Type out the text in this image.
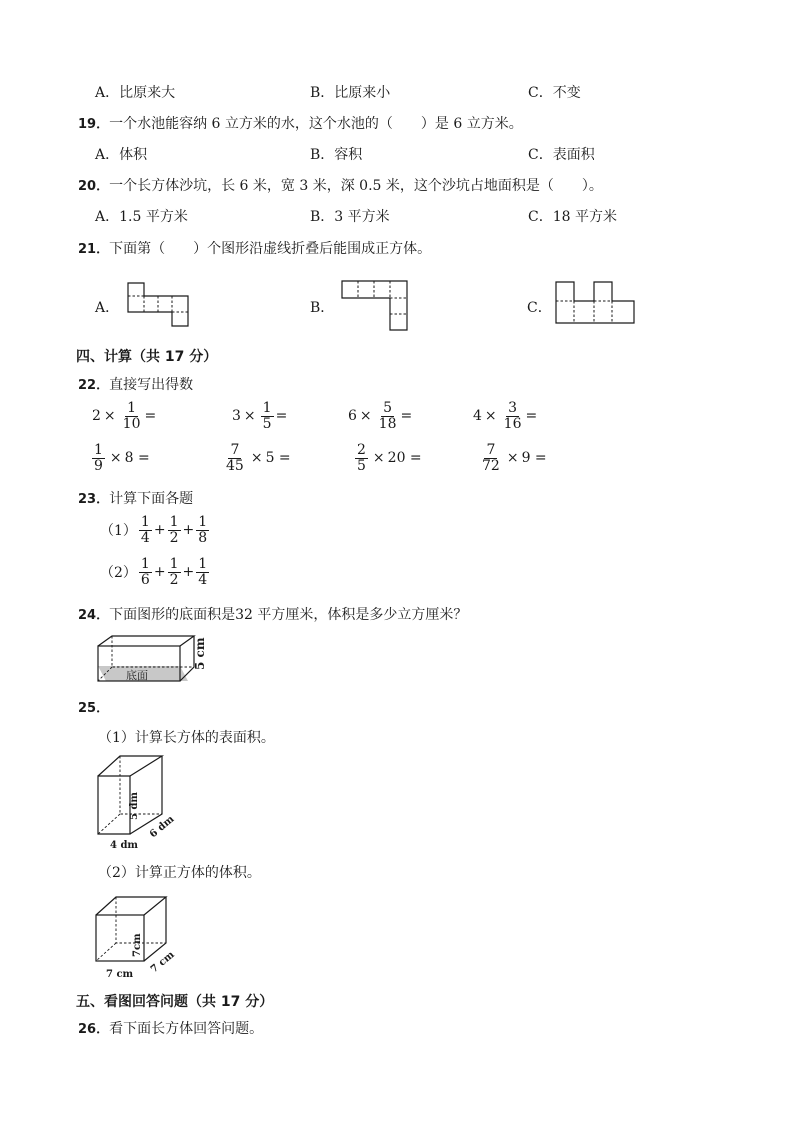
A．比原来大	B．比原来小	C．不变
19．一个水池能容纳 6 立方米的水，这个水池的（　　）是 6 立方米。
A．体积	B．容积	C．表面积
20．一个长方体沙坑，长 6 米，宽 3 米，深 0.5 米，这个沙坑占地面积是（　　）。
A．1.5 平方米	B．3 平方米	C．18 平方米
21．下面第（　　）个图形沿虚线折叠后能围成正方体。
A．	B．	C．
四、计算（共 17 分）
22．直接写出得数
$2 \times \frac{1}{10}$ =	$3 \times \frac{1}{5}$ =	$6 \times \frac{5}{18}$ =	$4 \times \frac{3}{16}$ =
$\frac{1}{9} \times 8$ =	$\frac{7}{45} \times 5$ =	$\frac{2}{5} \times 20$ =	$\frac{7}{72} \times 9$ =
23．计算下面各题
$(1) \frac{1}{4} + \frac{1}{2} + \frac{1}{8}$
$(2) \frac{1}{6} + \frac{1}{2} + \frac{1}{4}$
24．下面图形的底面积是32 平方厘米，体积是多少立方厘米？
底面
5 cm
25．
（1）计算长方体的表面积。
5 dm
6 dm
4 dm
（2）计算正方体的体积。
7cm
7 cm
7 cm
五、看图回答问题（共 17 分）
26．看下面长方体回答问题。
